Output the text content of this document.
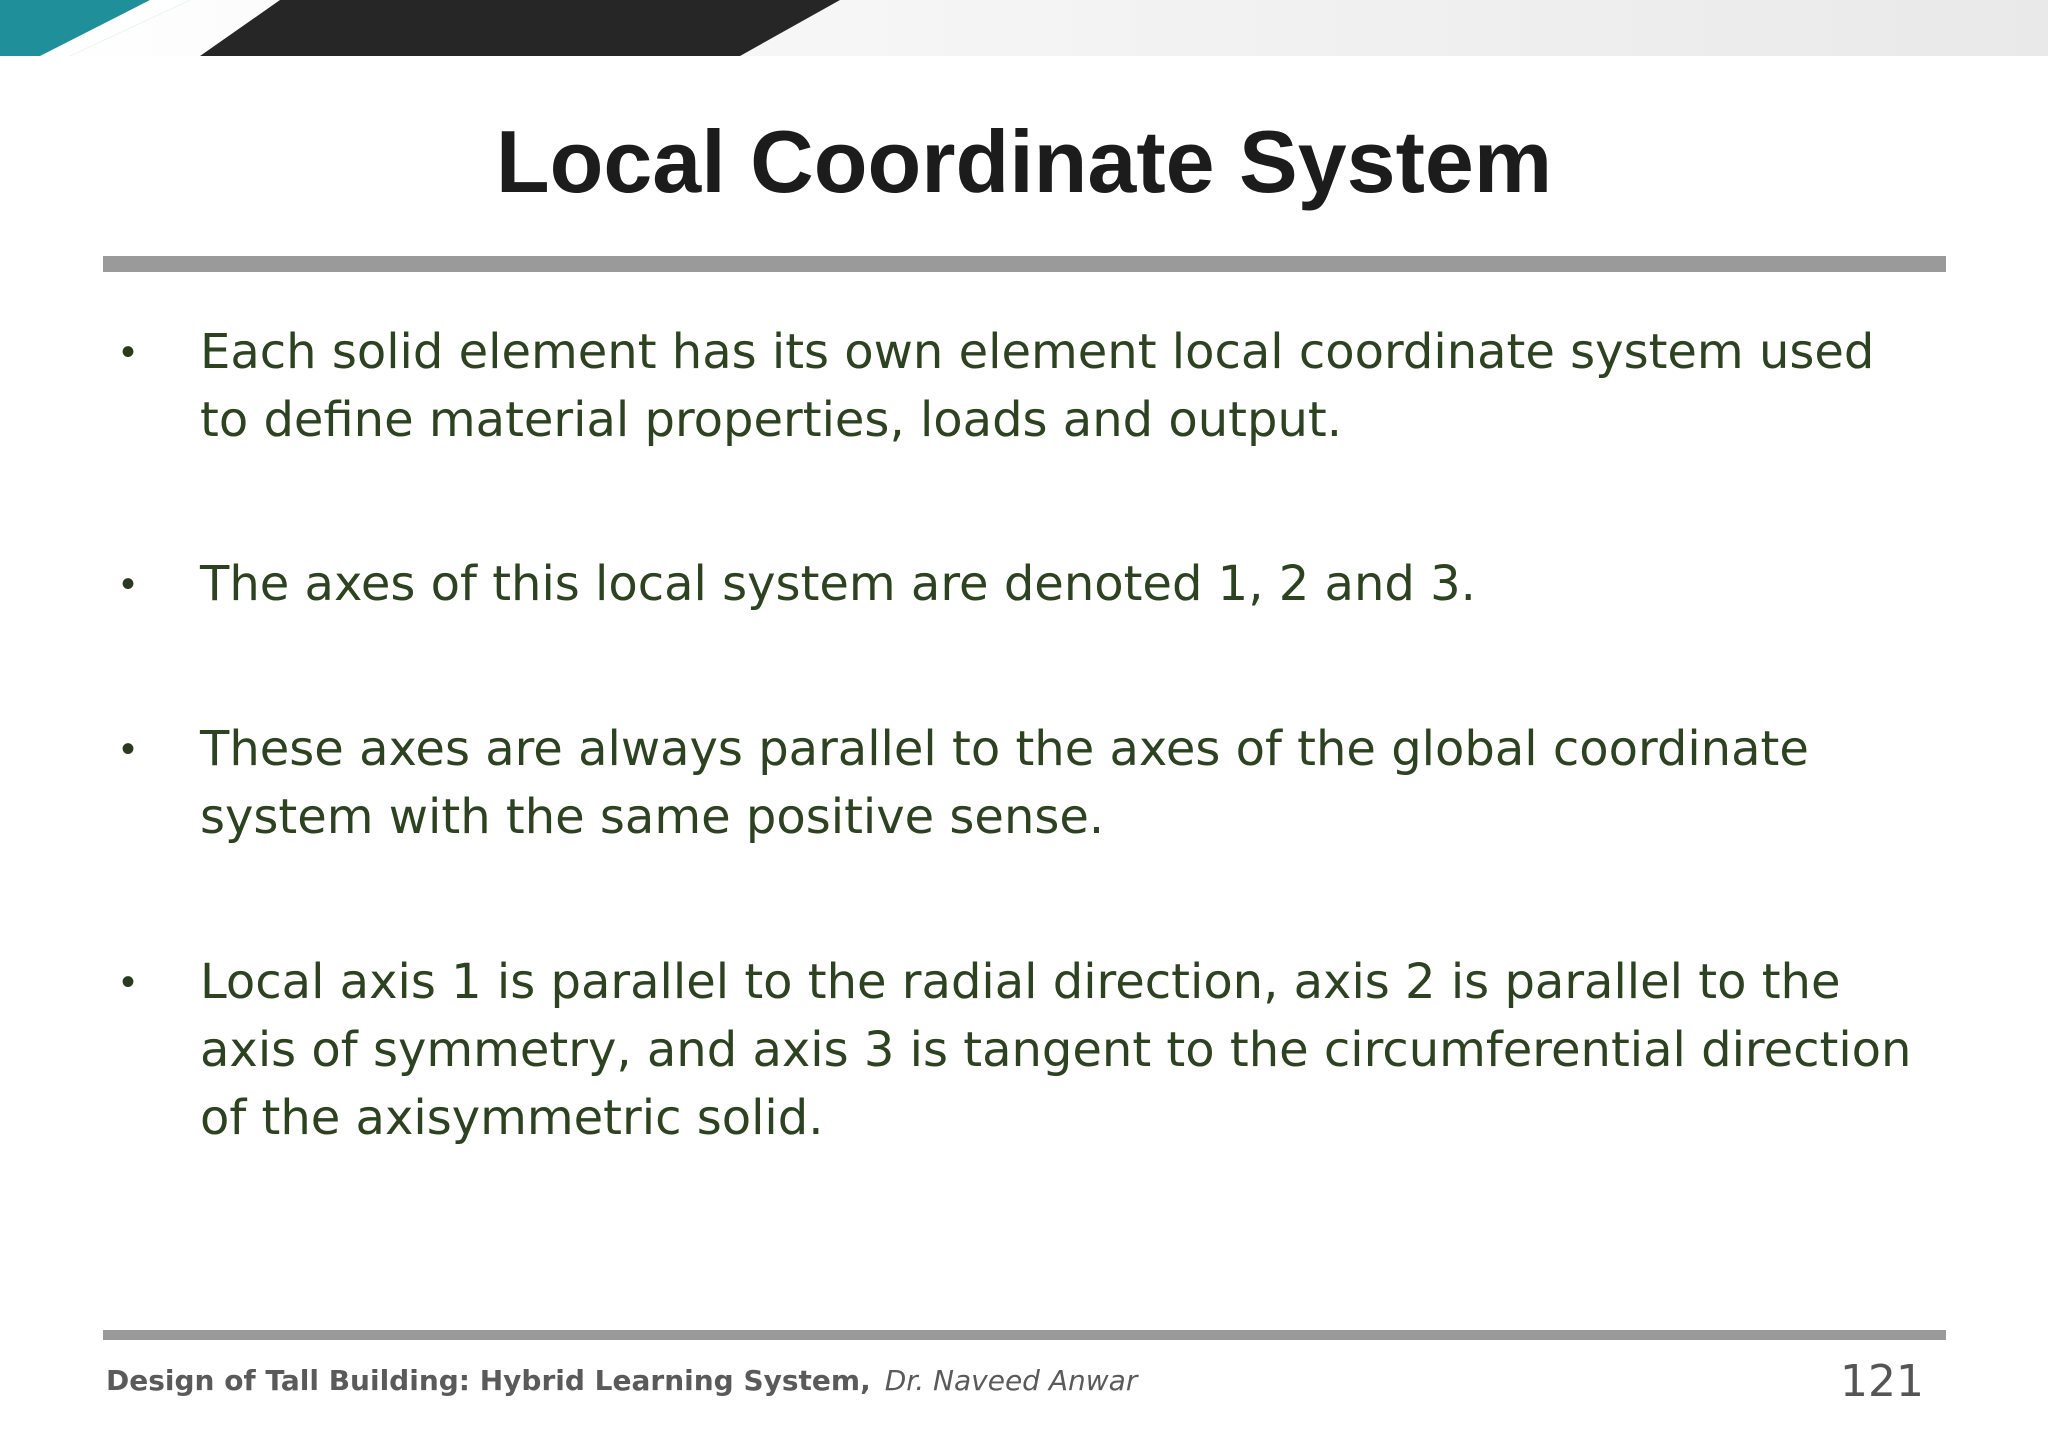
Local Coordinate System
• Each solid element has its own element local coordinate system used to define material properties, loads and output.
• The axes of this local system are denoted 1, 2 and 3.
• These axes are always parallel to the axes of the global coordinate system with the same positive sense.
• Local axis 1 is parallel to the radial direction, axis 2 is parallel to the axis of symmetry, and axis 3 is tangent to the circumferential direction of the axisymmetric solid.
Design of Tall Building: Hybrid Learning System, Dr. Naveed Anwar	121
